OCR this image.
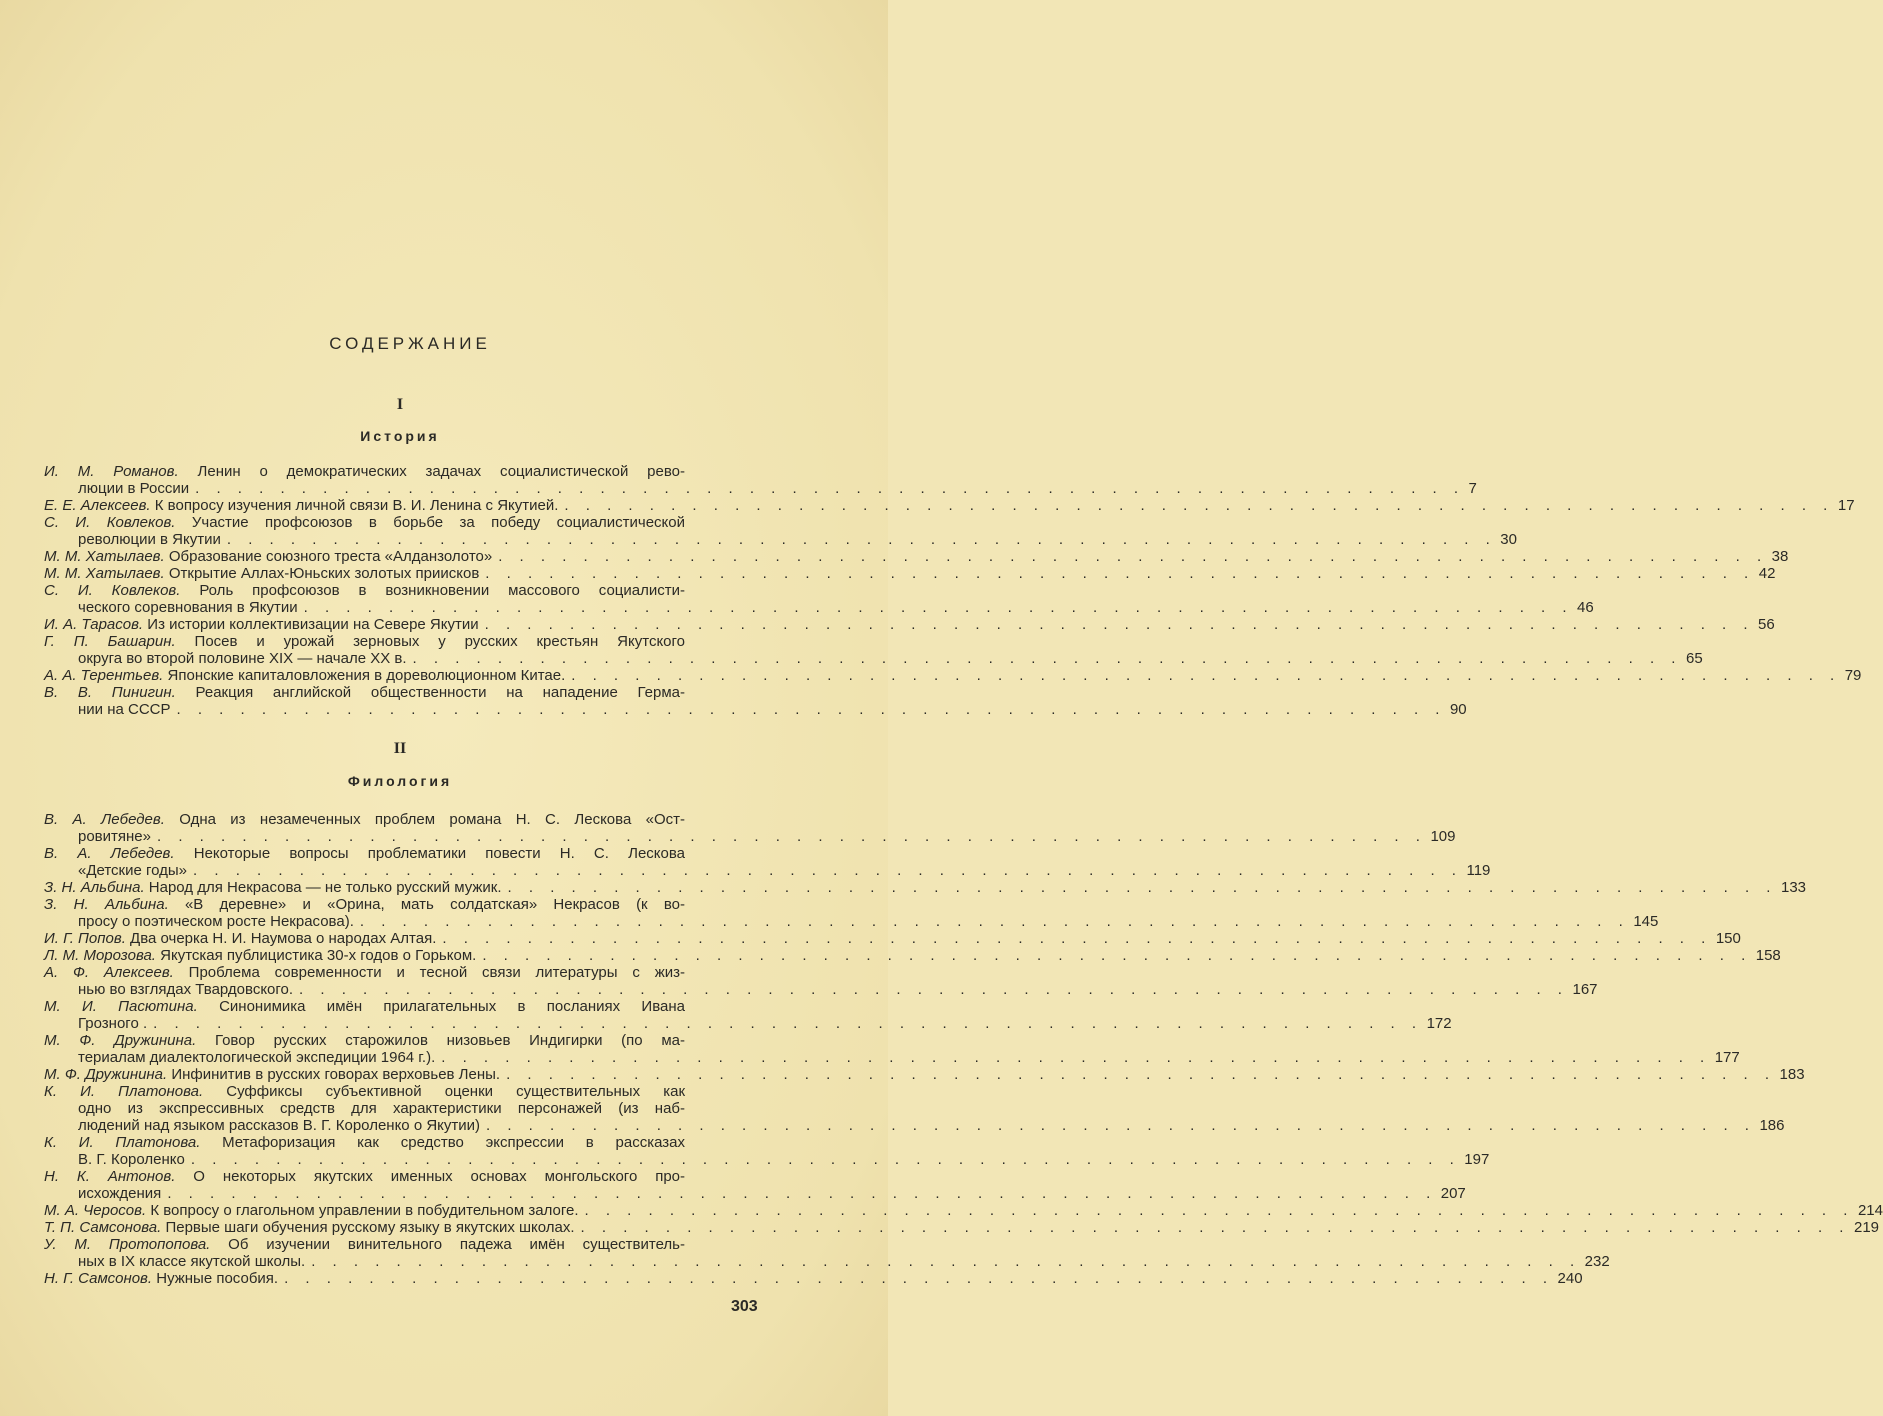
СОДЕРЖАНИЕ
I
История
И. М. Романов. Ленин о демократических задачах социалистической рево-
люции в России . . . . . . . . . . . . . . . . . . . . . . . . . . . . . . . . . . . . . . . . . . . . . . . . . . . . . . . . . . . . 7
Е. Е. Алексеев. К вопросу изучения личной связи В. И. Ленина с Якутией. . . . . . . . . . . . . . . . . . . . . . . . . . . . . . . . . . . . . . . . . . . . . . . . . . . . . . . . . . . . . 17
С. И. Ковлеков. Участие профсоюзов в борьбе за победу социалистической
революции в Якутии . . . . . . . . . . . . . . . . . . . . . . . . . . . . . . . . . . . . . . . . . . . . . . . . . . . . . . . . . . . . 30
М. М. Хатылаев. Образование союзного треста «Алданзолото» . . . . . . . . . . . . . . . . . . . . . . . . . . . . . . . . . . . . . . . . . . . . . . . . . . . . . . . . . . . . 38
М. М. Хатылаев. Открытие Аллах-Юньских золотых приисков . . . . . . . . . . . . . . . . . . . . . . . . . . . . . . . . . . . . . . . . . . . . . . . . . . . . . . . . . . . . 42
С. И. Ковлеков. Роль профсоюзов в возникновении массового социалисти-
ческого соревнования в Якутии . . . . . . . . . . . . . . . . . . . . . . . . . . . . . . . . . . . . . . . . . . . . . . . . . . . . . . . . . . . . 46
И. А. Тарасов. Из истории коллективизации на Севере Якутии . . . . . . . . . . . . . . . . . . . . . . . . . . . . . . . . . . . . . . . . . . . . . . . . . . . . . . . . . . . . 56
Г. П. Башарин. Посев и урожай зерновых у русских крестьян Якутского
округа во второй половине XIX — начале XX в. . . . . . . . . . . . . . . . . . . . . . . . . . . . . . . . . . . . . . . . . . . . . . . . . . . . . . . . . . . . . 65
А. А. Терентьев. Японские капиталовложения в дореволюционном Китае. . . . . . . . . . . . . . . . . . . . . . . . . . . . . . . . . . . . . . . . . . . . . . . . . . . . . . . . . . . . . 79
В. В. Пинигин. Реакция английской общественности на нападение Герма-
нии на СССР . . . . . . . . . . . . . . . . . . . . . . . . . . . . . . . . . . . . . . . . . . . . . . . . . . . . . . . . . . . . 90
II
Филология
В. А. Лебедев. Одна из незамеченных проблем романа Н. С. Лескова «Ост-
ровитяне» . . . . . . . . . . . . . . . . . . . . . . . . . . . . . . . . . . . . . . . . . . . . . . . . . . . . . . . . . . . . 109
В. А. Лебедев. Некоторые вопросы проблематики повести Н. С. Лескова
«Детские годы» . . . . . . . . . . . . . . . . . . . . . . . . . . . . . . . . . . . . . . . . . . . . . . . . . . . . . . . . . . . . 119
З. Н. Альбина. Народ для Некрасова — не только русский мужик. . . . . . . . . . . . . . . . . . . . . . . . . . . . . . . . . . . . . . . . . . . . . . . . . . . . . . . . . . . . . 133
З. Н. Альбина. «В деревне» и «Орина, мать солдатская» Некрасов (к во-
просу о поэтическом росте Некрасова). . . . . . . . . . . . . . . . . . . . . . . . . . . . . . . . . . . . . . . . . . . . . . . . . . . . . . . . . . . . . 145
И. Г. Попов. Два очерка Н. И. Наумова о народах Алтая. . . . . . . . . . . . . . . . . . . . . . . . . . . . . . . . . . . . . . . . . . . . . . . . . . . . . . . . . . . . . 150
Л. М. Морозова. Якутская публицистика 30-х годов о Горьком. . . . . . . . . . . . . . . . . . . . . . . . . . . . . . . . . . . . . . . . . . . . . . . . . . . . . . . . . . . . . 158
А. Ф. Алексеев. Проблема современности и тесной связи литературы с жиз-
нью во взглядах Твардовского. . . . . . . . . . . . . . . . . . . . . . . . . . . . . . . . . . . . . . . . . . . . . . . . . . . . . . . . . . . . . 167
М. И. Пасютина. Синонимика имён прилагательных в посланиях Ивана
Грозного . . . . . . . . . . . . . . . . . . . . . . . . . . . . . . . . . . . . . . . . . . . . . . . . . . . . . . . . . . . . . 172
М. Ф. Дружинина. Говор русских старожилов низовьев Индигирки (по ма-
териалам диалектологической экспедиции 1964 г.). . . . . . . . . . . . . . . . . . . . . . . . . . . . . . . . . . . . . . . . . . . . . . . . . . . . . . . . . . . . . 177
М. Ф. Дружинина. Инфинитив в русских говорах верховьев Лены. . . . . . . . . . . . . . . . . . . . . . . . . . . . . . . . . . . . . . . . . . . . . . . . . . . . . . . . . . . . . 183
К. И. Платонова. Суффиксы субъективной оценки существительных как
одно из экспрессивных средств для характеристики персонажей (из наб-
людений над языком рассказов В. Г. Короленко о Якутии) . . . . . . . . . . . . . . . . . . . . . . . . . . . . . . . . . . . . . . . . . . . . . . . . . . . . . . . . . . . . 186
К. И. Платонова. Метафоризация как средство экспрессии в рассказах
В. Г. Короленко . . . . . . . . . . . . . . . . . . . . . . . . . . . . . . . . . . . . . . . . . . . . . . . . . . . . . . . . . . . . 197
Н. К. Антонов. О некоторых якутских именных основах монгольского про-
исхождения . . . . . . . . . . . . . . . . . . . . . . . . . . . . . . . . . . . . . . . . . . . . . . . . . . . . . . . . . . . . 207
М. А. Черосов. К вопросу о глагольном управлении в побудительном залоге. . . . . . . . . . . . . . . . . . . . . . . . . . . . . . . . . . . . . . . . . . . . . . . . . . . . . . . . . . . . . 214
Т. П. Самсонова. Первые шаги обучения русскому языку в якутских школах. . . . . . . . . . . . . . . . . . . . . . . . . . . . . . . . . . . . . . . . . . . . . . . . . . . . . . . . . . . . . 219
У. М. Протопопова. Об изучении винительного падежа имён существитель-
ных в IX классе якутской школы. . . . . . . . . . . . . . . . . . . . . . . . . . . . . . . . . . . . . . . . . . . . . . . . . . . . . . . . . . . . . 232
Н. Г. Самсонов. Нужные пособия. . . . . . . . . . . . . . . . . . . . . . . . . . . . . . . . . . . . . . . . . . . . . . . . . . . . . . . . . . . . . 240
303
